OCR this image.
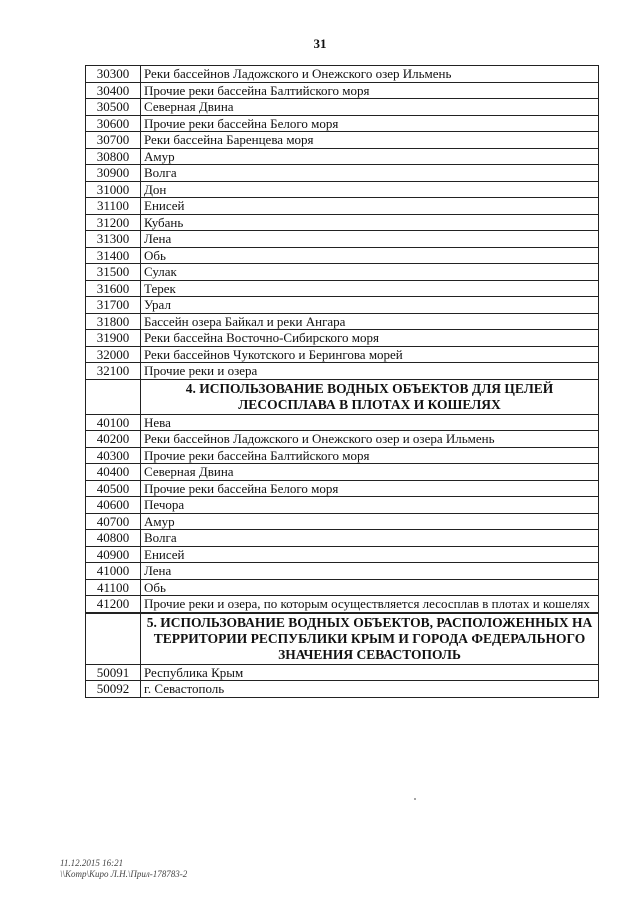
31
30300	Реки бассейнов Ладожского и Онежского озер Ильмень
30400	Прочие реки бассейна Балтийского моря
30500	Северная Двина
30600	Прочие реки бассейна Белого моря
30700	Реки бассейна Баренцева моря
30800	Амур
30900	Волга
31000	Дон
31100	Енисей
31200	Кубань
31300	Лена
31400	Обь
31500	Сулак
31600	Терек
31700	Урал
31800	Бассейн озера Байкал и реки Ангара
31900	Реки бассейна Восточно-Сибирского моря
32000	Реки бассейнов Чукотского и Берингова морей
32100	Прочие реки и озера
	4. ИСПОЛЬЗОВАНИЕ ВОДНЫХ ОБЪЕКТОВ ДЛЯ ЦЕЛЕЙ ЛЕСОСПЛАВА В ПЛОТАХ И КОШЕЛЯХ
40100	Нева
40200	Реки бассейнов Ладожского и Онежского озер и озера Ильмень
40300	Прочие реки бассейна Балтийского моря
40400	Северная Двина
40500	Прочие реки бассейна Белого моря
40600	Печора
40700	Амур
40800	Волга
40900	Енисей
41000	Лена
41100	Обь
41200	Прочие реки и озера, по которым осуществляется лесосплав в плотах и кошелях
	5. ИСПОЛЬЗОВАНИЕ ВОДНЫХ ОБЪЕКТОВ, РАСПОЛОЖЕННЫХ НА ТЕРРИТОРИИ РЕСПУБЛИКИ КРЫМ И ГОРОДА ФЕДЕРАЛЬНОГО ЗНАЧЕНИЯ СЕВАСТОПОЛЬ
50091	Республика Крым
50092	г. Севастополь
11.12.2015 16:21
\\Komp\Киро Л.Н.\Прил-178783-2
